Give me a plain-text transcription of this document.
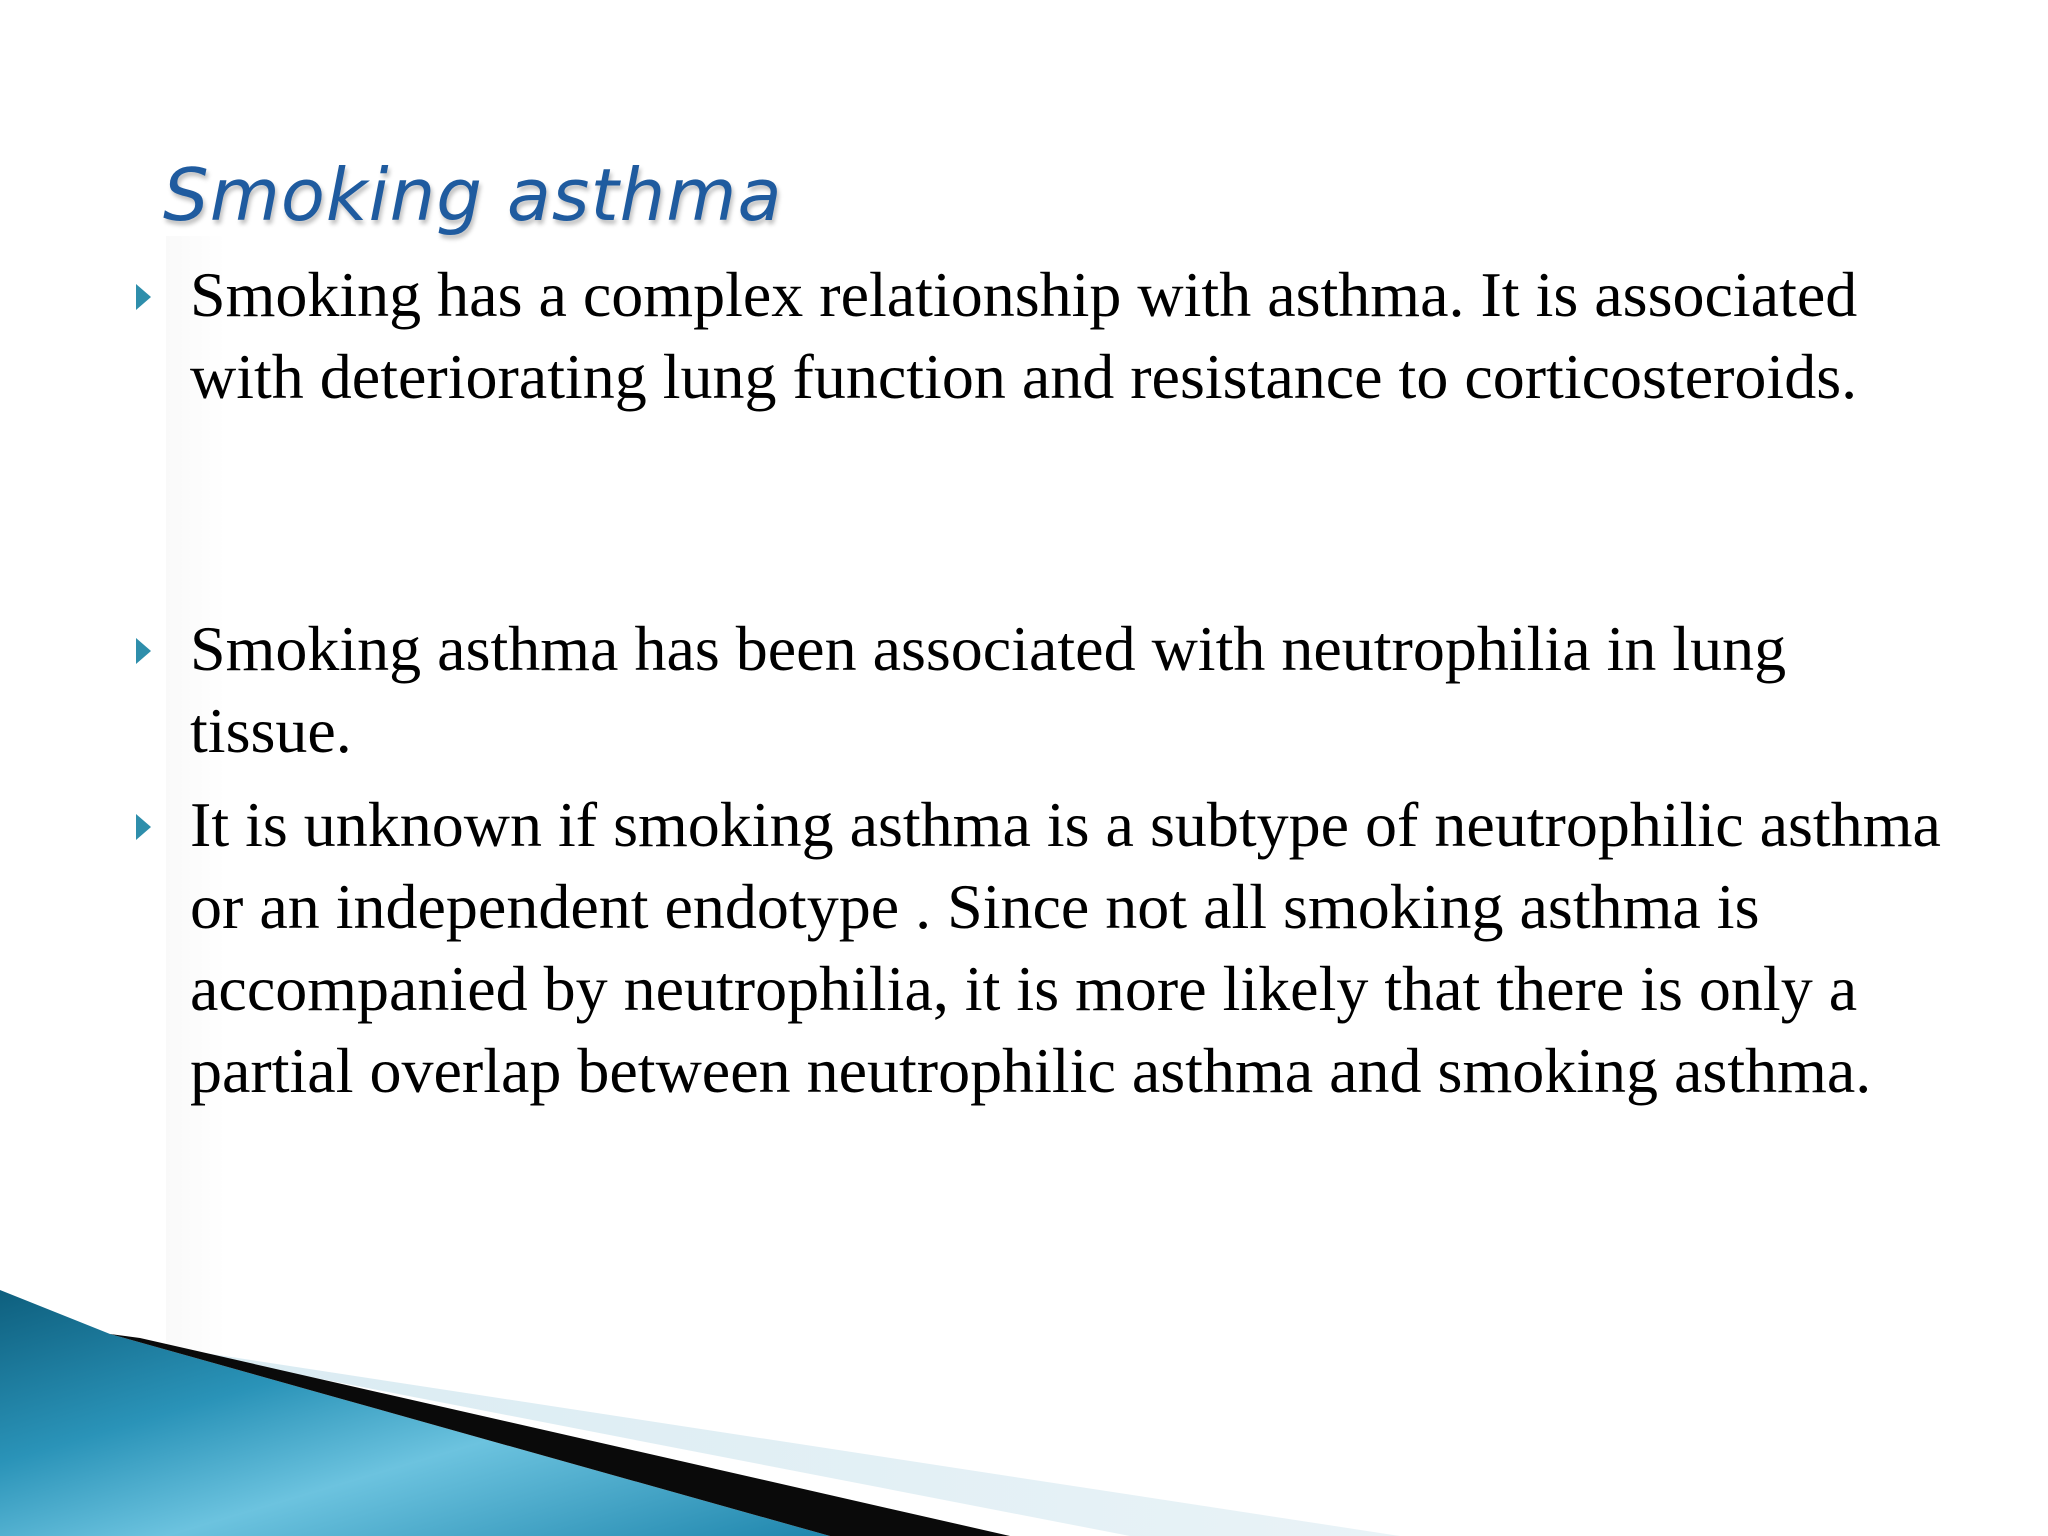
Smoking asthma
Smoking has a complex relationship with asthma. It is associated with deteriorating lung function and resistance to corticosteroids.
Smoking asthma has been associated with neutrophilia in lung tissue.
It is unknown if smoking asthma is a subtype of neutrophilic asthma or an independent endotype . Since not all smoking asthma is accompanied by neutrophilia, it is more likely that there is only a partial overlap between neutrophilic asthma and smoking asthma.
